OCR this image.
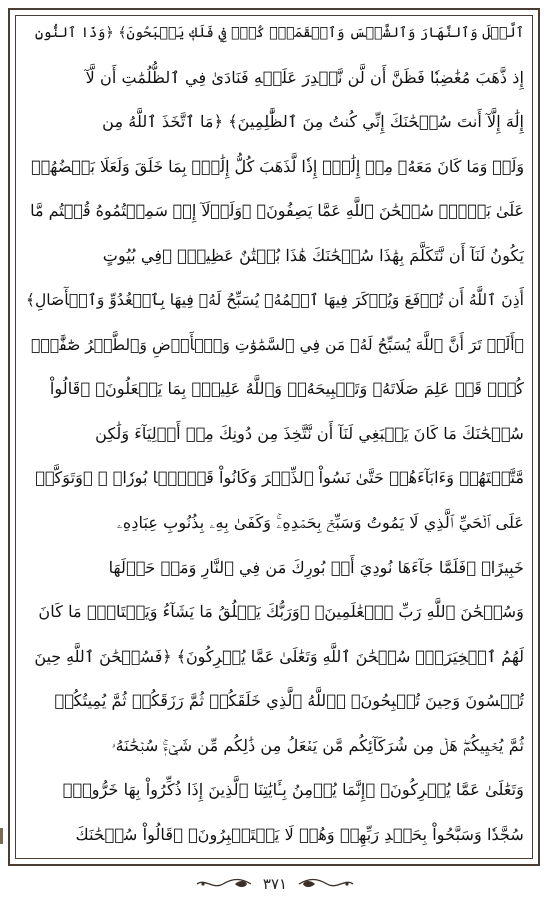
ٱلَّيۡلَ وَٱلنَّهَارَ وَٱلشَّمۡسَ وَٱلۡقَمَرَۖ كُلّٞ فِي فَلَكٖ يَسۡبَحُونَ﴾ ﴿وَذَا ٱلنُّونِ
إِذ ذَّهَبَ مُغَٰضِبٗا فَظَنَّ أَن لَّن نَّقۡدِرَ عَلَيۡهِ فَنَادَىٰ فِي ٱلظُّلُمَٰتِ أَن لَّآ
إِلَٰهَ إِلَّآ أَنتَ سُبۡحَٰنَكَ إِنِّي كُنتُ مِنَ ٱلظَّٰلِمِينَ﴾ ﴿مَا ٱتَّخَذَ ٱللَّهُ مِن
وَلَدٖ وَمَا كَانَ مَعَهُۥ مِنۡ إِلَٰهٍۚ إِذٗا لَّذَهَبَ كُلُّ إِلَٰهِۭ بِمَا خَلَقَ وَلَعَلَا بَعۡضُهُمۡ
عَلَىٰ بَعۡضٖۚ سُبۡحَٰنَ ٱللَّهِ عَمَّا يَصِفُونَ﴾ ﴿وَلَوۡلَآ إِذۡ سَمِعۡتُمُوهُ قُلۡتُم مَّا
يَكُونُ لَنَآ أَن نَّتَكَلَّمَ بِهَٰذَا سُبۡحَٰنَكَ هَٰذَا بُهۡتَٰنٌ عَظِيمٞ﴾ ﴿فِي بُيُوتٍ
أَذِنَ ٱللَّهُ أَن تُرۡفَعَ وَيُذۡكَرَ فِيهَا ٱسۡمُهُۥ يُسَبِّحُ لَهُۥ فِيهَا بِٱلۡغُدُوِّ وَٱلۡأٓصَالِ﴾
﴿أَلَمۡ تَرَ أَنَّ ٱللَّهَ يُسَبِّحُ لَهُۥ مَن فِي ٱلسَّمَٰوَٰتِ وَٱلۡأَرۡضِ وَٱلطَّيۡرُ صَٰٓفَّٰتٖۖ
كُلّٞ قَدۡ عَلِمَ صَلَاتَهُۥ وَتَسۡبِيحَهُۥۗ وَٱللَّهُ عَلِيمُۢ بِمَا يَفۡعَلُونَ﴾ ﴿قَالُواْ
سُبۡحَٰنَكَ مَا كَانَ يَنۢبَغِي لَنَآ أَن نَّتَّخِذَ مِن دُونِكَ مِنۡ أَوۡلِيَآءَ وَلَٰكِن
مَّتَّعۡتَهُمۡ وَءَابَآءَهُمۡ حَتَّىٰ نَسُواْ ٱلذِّكۡرَ وَكَانُواْ قَوۡمَۢا بُورٗا﴾ ۞ ﴿وَتَوَكَّلۡ
عَلَى ٱلۡحَيِّ ٱلَّذِي لَا يَمُوتُ وَسَبِّحۡ بِحَمۡدِهِۦۚ وَكَفَىٰ بِهِۦ بِذُنُوبِ عِبَادِهِۦ
خَبِيرًا﴾ ﴿فَلَمَّا جَآءَهَا نُودِيَ أَنۢ بُورِكَ مَن فِي ٱلنَّارِ وَمَنۡ حَوۡلَهَا
وَسُبۡحَٰنَ ٱللَّهِ رَبِّ ٱلۡعَٰلَمِينَ﴾ ﴿وَرَبُّكَ يَخۡلُقُ مَا يَشَآءُ وَيَخۡتَارُۗ مَا كَانَ
لَهُمُ ٱلۡخِيَرَةُۚ سُبۡحَٰنَ ٱللَّهِ وَتَعَٰلَىٰ عَمَّا يُشۡرِكُونَ﴾ ﴿فَسُبۡحَٰنَ ٱللَّهِ حِينَ
تُمۡسُونَ وَحِينَ تُصۡبِحُونَ﴾ ﴿ٱللَّهُ ٱلَّذِي خَلَقَكُمۡ ثُمَّ رَزَقَكُمۡ ثُمَّ يُمِيتُكُمۡ
ثُمَّ يُحۡيِيكُمۡۖ هَلۡ مِن شُرَكَآئِكُم مَّن يَفۡعَلُ مِن ذَٰلِكُم مِّن شَيۡءٖۚ سُبۡحَٰنَهُۥ
وَتَعَٰلَىٰ عَمَّا يُشۡرِكُونَ﴾ ﴿إِنَّمَا يُؤۡمِنُ بِـَٔايَٰتِنَا ٱلَّذِينَ إِذَا ذُكِّرُواْ بِهَا خَرُّواْۤ
سُجَّدٗا وَسَبَّحُواْ بِحَمۡدِ رَبِّهِمۡ وَهُمۡ لَا يَسۡتَكۡبِرُونَ﴾ ﴿قَالُواْ سُبۡحَٰنَكَ
٣٧١
